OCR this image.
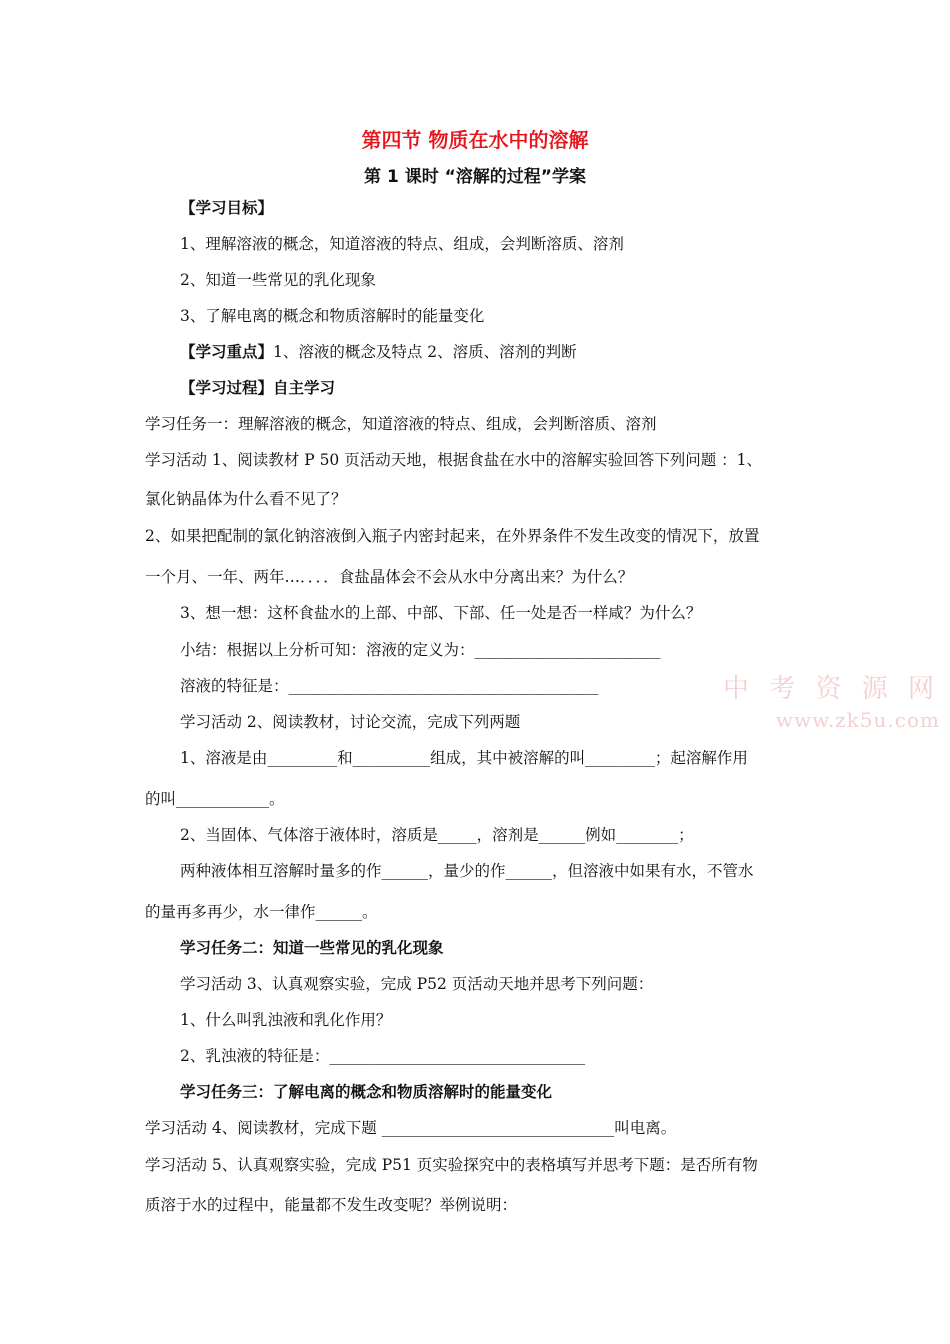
第四节 物质在水中的溶解
第 1 课时 “溶解的过程”学案
【学习目标】
1、理解溶液的概念，知道溶液的特点、组成，会判断溶质、溶剂
2、知道一些常见的乳化现象
3、了解电离的概念和物质溶解时的能量变化
【学习重点】1、溶液的概念及特点 2、溶质、溶剂的判断
【学习过程】自主学习
学习任务一：理解溶液的概念，知道溶液的特点、组成，会判断溶质、溶剂
学习活动 1、阅读教材 P 50 页活动天地，根据食盐在水中的溶解实验回答下列问题 ：1、
氯化钠晶体为什么看不见了？
2、如果把配制的氯化钠溶液倒入瓶子内密封起来，在外界条件不发生改变的情况下，放置
一个月、一年、两年…．．．．食盐晶体会不会从水中分离出来？为什么？
3、想一想：这杯食盐水的上部、中部、下部、任一处是否一样咸？为什么？
小结：根据以上分析可知：溶液的定义为：________________________
溶液的特征是：________________________________________
学习活动 2、阅读教材，讨论交流，完成下列两题
1、溶液是由_________和__________组成，其中被溶解的叫_________；起溶解作用
的叫____________。
2、当固体、气体溶于液体时，溶质是_____，溶剂是______例如________；
两种液体相互溶解时量多的作______，量少的作______，但溶液中如果有水，不管水
的量再多再少，水一律作______。
学习任务二：知道一些常见的乳化现象
学习活动 3、认真观察实验，完成 P52 页活动天地并思考下列问题：
1、什么叫乳浊液和乳化作用？
2、乳浊液的特征是：_________________________________
学习任务三：了解电离的概念和物质溶解时的能量变化
学习活动 4、阅读教材，完成下题 ______________________________叫电离。
学习活动 5、认真观察实验，完成 P51 页实验探究中的表格填写并思考下题：是否所有物
质溶于水的过程中，能量都不发生改变呢？举例说明：
中 考 资 源 网
www.zk5u.com
